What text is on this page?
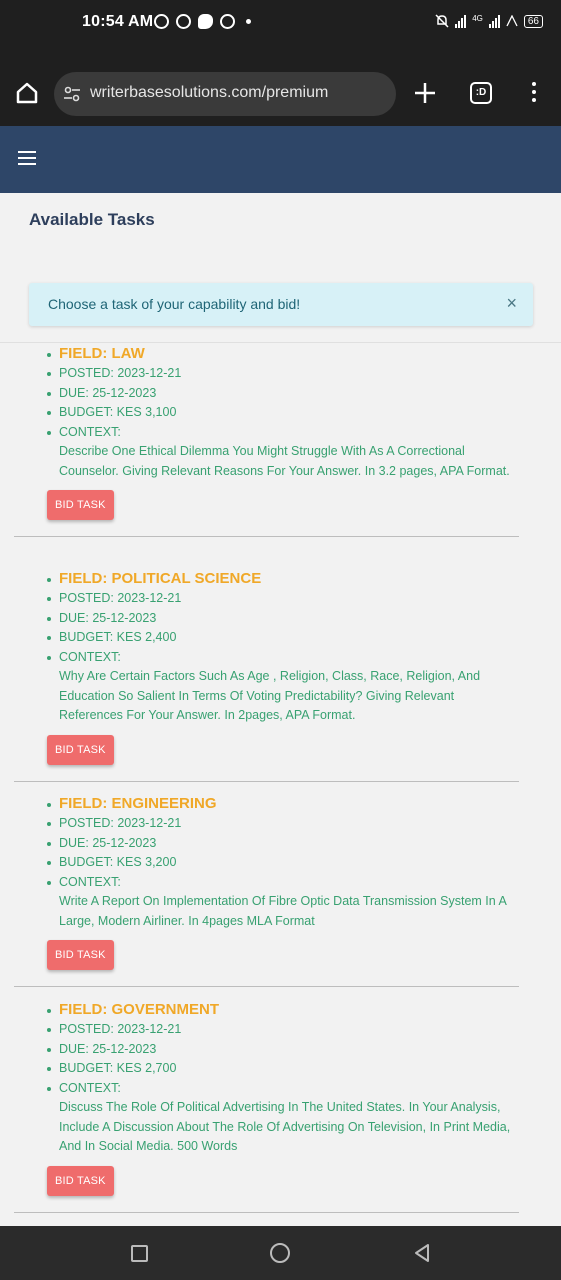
10:54 AM	4G	66
writerbasesolutions.com/premium	:D
Available Tasks
Choose a task of your capability and bid!	×
FIELD: LAW
POSTED: 2023-12-21
DUE: 25-12-2023
BUDGET: KES 3,100
CONTEXT:
Describe One Ethical Dilemma You Might Struggle With As A Correctional Counselor. Giving Relevant Reasons For Your Answer. In 3.2 pages, APA Format.
BID TASK
FIELD: POLITICAL SCIENCE
POSTED: 2023-12-21
DUE: 25-12-2023
BUDGET: KES 2,400
CONTEXT:
Why Are Certain Factors Such As Age , Religion, Class, Race, Religion, And Education So Salient In Terms Of Voting Predictability? Giving Relevant References For Your Answer. In 2pages, APA Format.
BID TASK
FIELD: ENGINEERING
POSTED: 2023-12-21
DUE: 25-12-2023
BUDGET: KES 3,200
CONTEXT:
Write A Report On Implementation Of Fibre Optic Data Transmission System In A Large, Modern Airliner. In 4pages MLA Format
BID TASK
FIELD: GOVERNMENT
POSTED: 2023-12-21
DUE: 25-12-2023
BUDGET: KES 2,700
CONTEXT:
Discuss The Role Of Political Advertising In The United States. In Your Analysis, Include A Discussion About The Role Of Advertising On Television, In Print Media, And In Social Media. 500 Words
BID TASK
